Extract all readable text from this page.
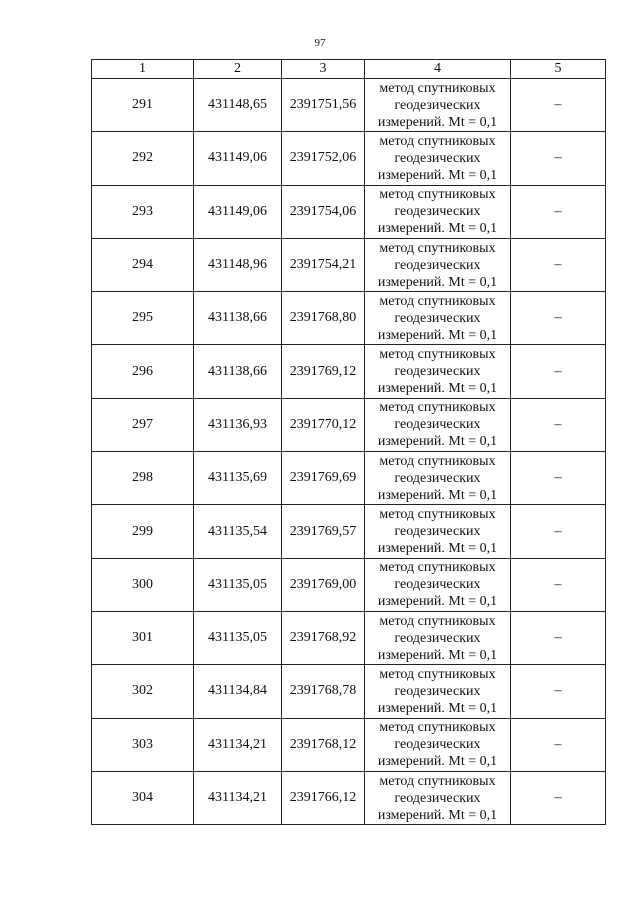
97
1	2	3	4	5
291	431148,65	2391751,56	метод спутниковых
геодезических
измерений. Mt = 0,1	–
292	431149,06	2391752,06	метод спутниковых
геодезических
измерений. Mt = 0,1	–
293	431149,06	2391754,06	метод спутниковых
геодезических
измерений. Mt = 0,1	–
294	431148,96	2391754,21	метод спутниковых
геодезических
измерений. Mt = 0,1	–
295	431138,66	2391768,80	метод спутниковых
геодезических
измерений. Mt = 0,1	–
296	431138,66	2391769,12	метод спутниковых
геодезических
измерений. Mt = 0,1	–
297	431136,93	2391770,12	метод спутниковых
геодезических
измерений. Mt = 0,1	–
298	431135,69	2391769,69	метод спутниковых
геодезических
измерений. Mt = 0,1	–
299	431135,54	2391769,57	метод спутниковых
геодезических
измерений. Mt = 0,1	–
300	431135,05	2391769,00	метод спутниковых
геодезических
измерений. Mt = 0,1	–
301	431135,05	2391768,92	метод спутниковых
геодезических
измерений. Mt = 0,1	–
302	431134,84	2391768,78	метод спутниковых
геодезических
измерений. Mt = 0,1	–
303	431134,21	2391768,12	метод спутниковых
геодезических
измерений. Mt = 0,1	–
304	431134,21	2391766,12	метод спутниковых
геодезических
измерений. Mt = 0,1	–
